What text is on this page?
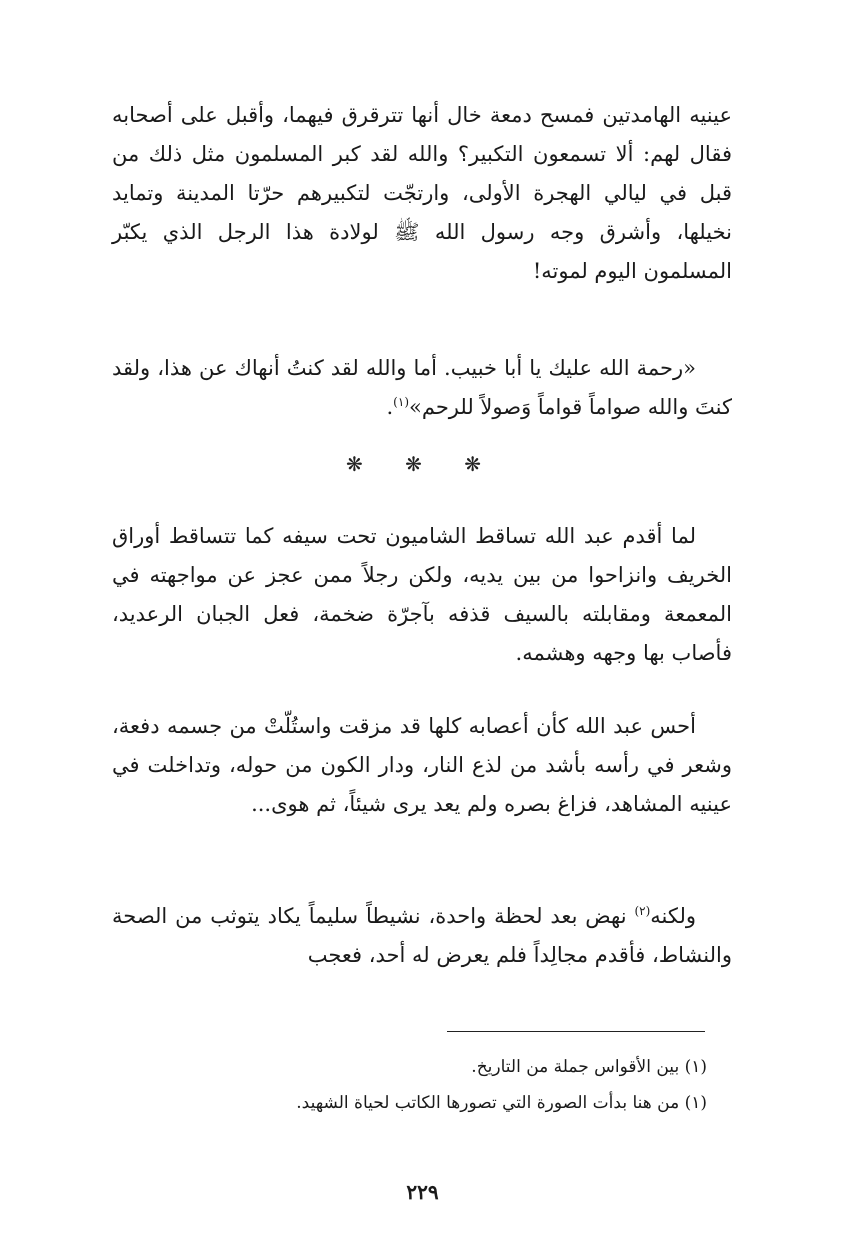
عينيه الهامدتين فمسح دمعة خال أنها تترقرق فيهما، وأقبل على أصحابه فقال لهم: ألا تسمعون التكبير؟ والله لقد كبر المسلمون مثل ذلك من قبل في ليالي الهجرة الأولى، وارتجّت لتكبيرهم حرّتا المدينة وتمايد نخيلها، وأشرق وجه رسول الله ﷺ لولادة هذا الرجل الذي يكبّر المسلمون اليوم لموته!

«رحمة الله عليك يا أبا خبيب. أما والله لقد كنتُ أنهاك عن هذا، ولقد كنتَ والله صواماً قواماً وَصولاً للرحم»$^{(١)}$.

❋ ❋ ❋

لما أقدم عبد الله تساقط الشاميون تحت سيفه كما تتساقط أوراق الخريف وانزاحوا من بين يديه، ولكن رجلاً ممن عجز عن مواجهته في المعمعة ومقابلته بالسيف قذفه بآجرّة ضخمة، فعل الجبان الرعديد، فأصاب بها وجهه وهشمه.

أحس عبد الله كأن أعصابه كلها قد مزقت واستُلّتْ من جسمه دفعة، وشعر في رأسه بأشد من لذع النار، ودار الكون من حوله، وتداخلت في عينيه المشاهد، فزاغ بصره ولم يعد يرى شيئاً، ثم هوى...

ولكنه$^{(٢)}$ نهض بعد لحظة واحدة، نشيطاً سليماً يكاد يتوثب من الصحة والنشاط، فأقدم مجالِداً فلم يعرض له أحد، فعجب

(١) بين الأقواس جملة من التاريخ.

(١) من هنا بدأت الصورة التي تصورها الكاتب لحياة الشهيد.

٢٢٩
